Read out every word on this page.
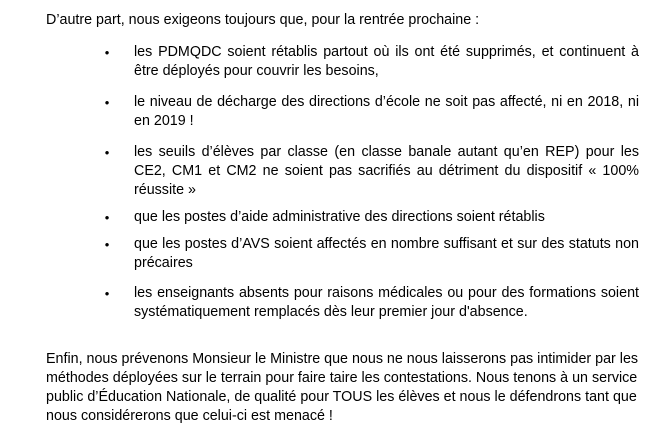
D’autre part, nous exigeons toujours que, pour la rentrée prochaine :

•	les PDMQDC soient rétablis partout où ils ont été supprimés, et continuent à être déployés pour couvrir les besoins,
•	le niveau de décharge des directions d’école ne soit pas affecté, ni en 2018, ni en 2019 !
•	les seuils d’élèves par classe (en classe banale autant qu’en REP) pour les CE2, CM1 et CM2 ne soient pas sacrifiés au détriment du dispositif « 100% réussite »
•	que les postes d’aide administrative des directions soient rétablis
•	que les postes d’AVS soient affectés en nombre suffisant et sur des statuts non précaires
•	les enseignants absents pour raisons médicales ou pour des formations soient systématiquement remplacés dès leur premier jour d'absence.

Enfin, nous prévenons Monsieur le Ministre que nous ne nous laisserons pas intimider par les méthodes déployées sur le terrain pour faire taire les contestations. Nous tenons à un service public d’Éducation Nationale, de qualité pour TOUS les élèves et nous le défendrons tant que nous considérerons que celui-ci est menacé !
